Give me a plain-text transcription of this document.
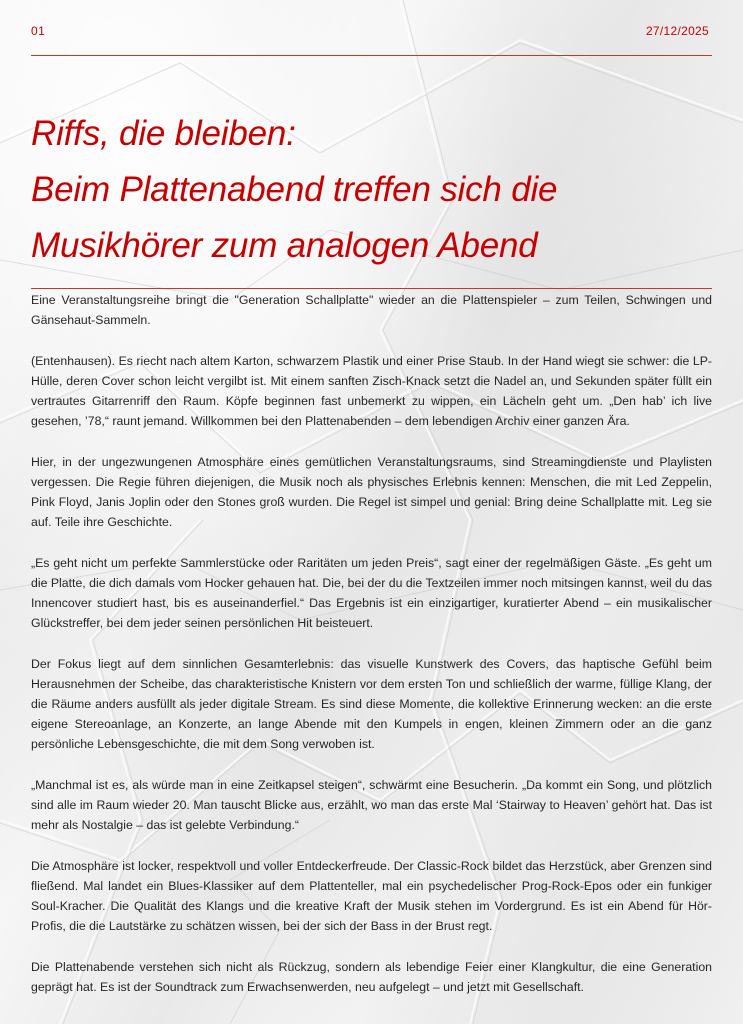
01	27/12/2025
Riffs, die bleiben:
Beim Plattenabend treffen sich die
Musikhörer zum analogen Abend

Eine Veranstaltungsreihe bringt die "Generation Schallplatte" wieder an die Plattenspieler – zum Teilen, Schwingen und Gänsehaut-Sammeln.

(Entenhausen). Es riecht nach altem Karton, schwarzem Plastik und einer Prise Staub. In der Hand wiegt sie schwer: die LP-Hülle, deren Cover schon leicht vergilbt ist. Mit einem sanften Zisch-Knack setzt die Nadel an, und Sekunden später füllt ein vertrautes Gitarrenriff den Raum. Köpfe beginnen fast unbemerkt zu wippen, ein Lächeln geht um. „Den hab’ ich live gesehen, ’78,“ raunt jemand. Willkommen bei den Plattenabenden – dem lebendigen Archiv einer ganzen Ära.

Hier, in der ungezwungenen Atmosphäre eines gemütlichen Veranstaltungsraums, sind Streamingdienste und Playlisten vergessen. Die Regie führen diejenigen, die Musik noch als physisches Erlebnis kennen: Menschen, die mit Led Zeppelin, Pink Floyd, Janis Joplin oder den Stones groß wurden. Die Regel ist simpel und genial: Bring deine Schallplatte mit. Leg sie auf. Teile ihre Geschichte.

„Es geht nicht um perfekte Sammlerstücke oder Raritäten um jeden Preis“, sagt einer der regelmäßigen Gäste. „Es geht um die Platte, die dich damals vom Hocker gehauen hat. Die, bei der du die Textzeilen immer noch mitsingen kannst, weil du das Innencover studiert hast, bis es auseinanderfiel.“ Das Ergebnis ist ein einzigartiger, kuratierter Abend – ein musikalischer Glückstreffer, bei dem jeder seinen persönlichen Hit beisteuert.

Der Fokus liegt auf dem sinnlichen Gesamterlebnis: das visuelle Kunstwerk des Covers, das haptische Gefühl beim Herausnehmen der Scheibe, das charakteristische Knistern vor dem ersten Ton und schließlich der warme, füllige Klang, der die Räume anders ausfüllt als jeder digitale Stream. Es sind diese Momente, die kollektive Erinnerung wecken: an die erste eigene Stereoanlage, an Konzerte, an lange Abende mit den Kumpels in engen, kleinen Zimmern oder an die ganz persönliche Lebensgeschichte, die mit dem Song verwoben ist.

„Manchmal ist es, als würde man in eine Zeitkapsel steigen“, schwärmt eine Besucherin. „Da kommt ein Song, und plötzlich sind alle im Raum wieder 20. Man tauscht Blicke aus, erzählt, wo man das erste Mal ‘Stairway to Heaven’ gehört hat. Das ist mehr als Nostalgie – das ist gelebte Verbindung.“

Die Atmosphäre ist locker, respektvoll und voller Entdeckerfreude. Der Classic-Rock bildet das Herzstück, aber Grenzen sind fließend. Mal landet ein Blues-Klassiker auf dem Plattenteller, mal ein psychedelischer Prog-Rock-Epos oder ein funkiger Soul-Kracher. Die Qualität des Klangs und die kreative Kraft der Musik stehen im Vordergrund. Es ist ein Abend für Hör-Profis, die die Lautstärke zu schätzen wissen, bei der sich der Bass in der Brust regt.

Die Plattenabende verstehen sich nicht als Rückzug, sondern als lebendige Feier einer Klangkultur, die eine Generation geprägt hat. Es ist der Soundtrack zum Erwachsenwerden, neu aufgelegt – und jetzt mit Gesellschaft.
